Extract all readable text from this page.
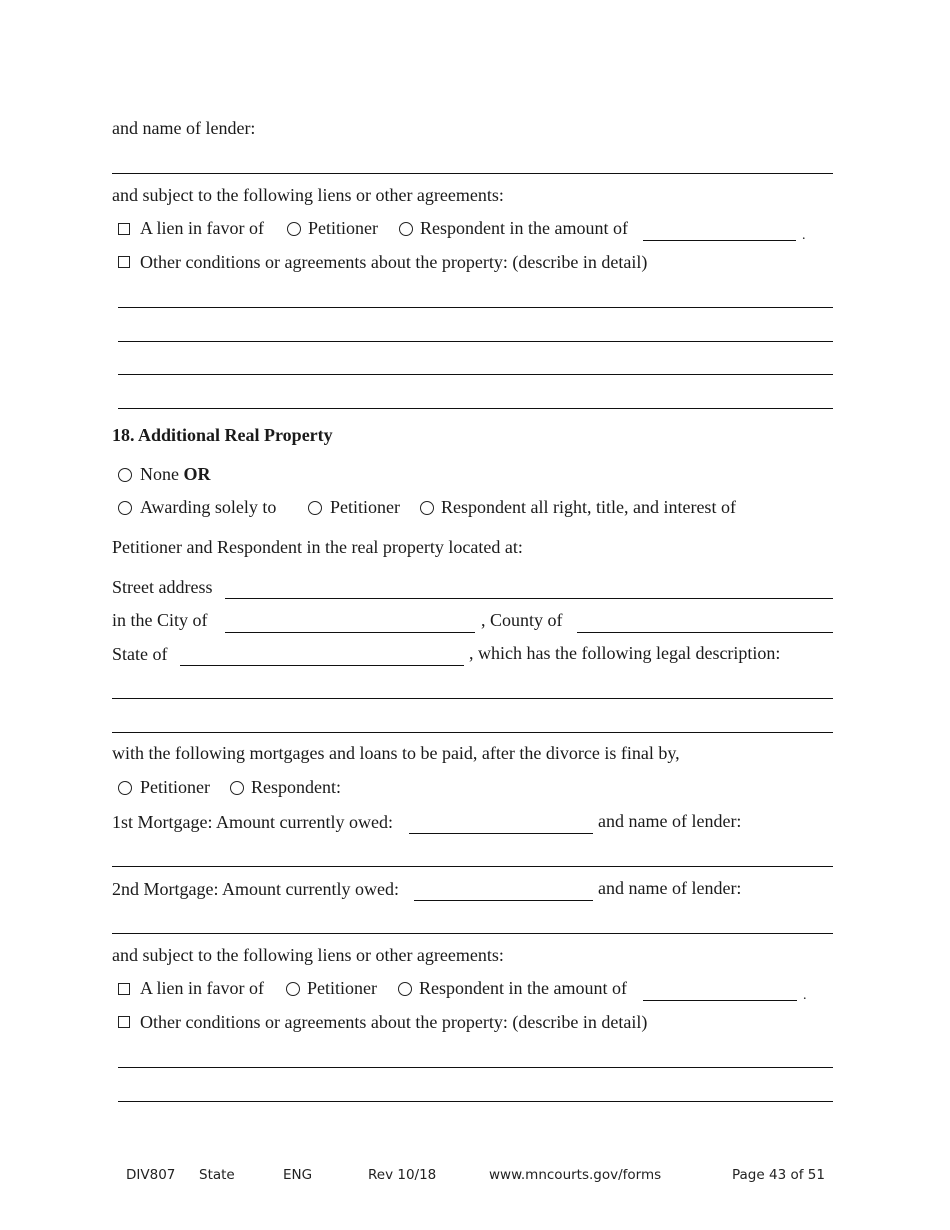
and name of lender:
and subject to the following liens or other agreements:
A lien in favor of Petitioner Respondent in the amount of	.
Other conditions or agreements about the property: (describe in detail)
18. Additional Real Property
None OR
Awarding solely to	Petitioner Respondent all right, title, and interest of
Petitioner and Respondent in the real property located at:
Street address
in the City of	, County of
State of	, which has the following legal description:
with the following mortgages and loans to be paid, after the divorce is final by,
Petitioner Respondent:
1st Mortgage: Amount currently owed:	and name of lender:
2nd Mortgage: Amount currently owed:	and name of lender:
and subject to the following liens or other agreements:
A lien in favor of Petitioner Respondent in the amount of	.
Other conditions or agreements about the property: (describe in detail)
DIV807 State	ENG	Rev 10/18	www.mncourts.gov/forms	Page 43 of 51
